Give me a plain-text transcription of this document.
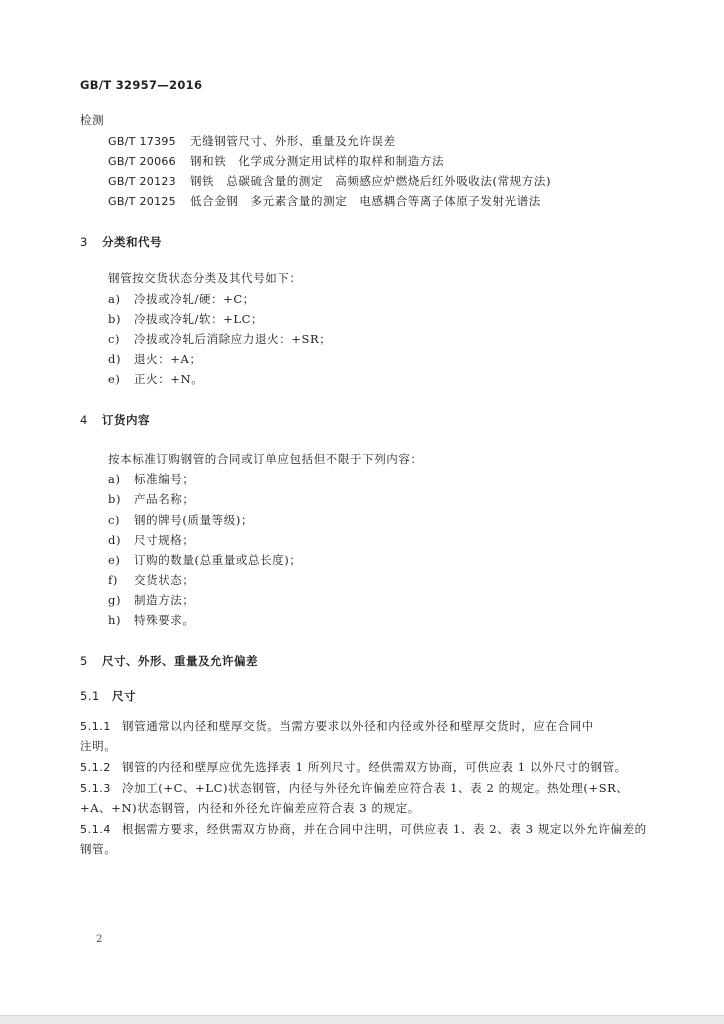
GB/T 32957—2016
检测
GB/T 17395 无缝钢管尺寸、外形、重量及允许误差
GB/T 20066 钢和铁　化学成分测定用试样的取样和制造方法
GB/T 20123 钢铁　总碳硫含量的测定　高频感应炉燃烧后红外吸收法(常规方法)
GB/T 20125 低合金钢　多元素含量的测定　电感耦合等离子体原子发射光谱法
3 分类和代号
钢管按交货状态分类及其代号如下：
a) 冷拔或冷轧/硬：+C；
b) 冷拔或冷轧/软：+LC；
c) 冷拔或冷轧后消除应力退火：+SR；
d) 退火：+A；
e) 正火：+N。
4 订货内容
按本标准订购钢管的合同或订单应包括但不限于下列内容：
a) 标准编号；
b) 产品名称；
c) 钢的牌号(质量等级)；
d) 尺寸规格；
e) 订购的数量(总重量或总长度)；
f) 交货状态；
g) 制造方法；
h) 特殊要求。
5 尺寸、外形、重量及允许偏差
5.1 尺寸
5.1.1 钢管通常以内径和壁厚交货。当需方要求以外径和内径或外径和壁厚交货时，应在合同中
注明。
5.1.2 钢管的内径和壁厚应优先选择表 1 所列尺寸。经供需双方协商，可供应表 1 以外尺寸的钢管。
5.1.3 冷加工(+C、+LC)状态钢管，内径与外径允许偏差应符合表 1、表 2 的规定。热处理(+SR、
+A、+N)状态钢管，内径和外径允许偏差应符合表 3 的规定。
5.1.4 根据需方要求，经供需双方协商，并在合同中注明，可供应表 1、表 2、表 3 规定以外允许偏差的
钢管。
2
